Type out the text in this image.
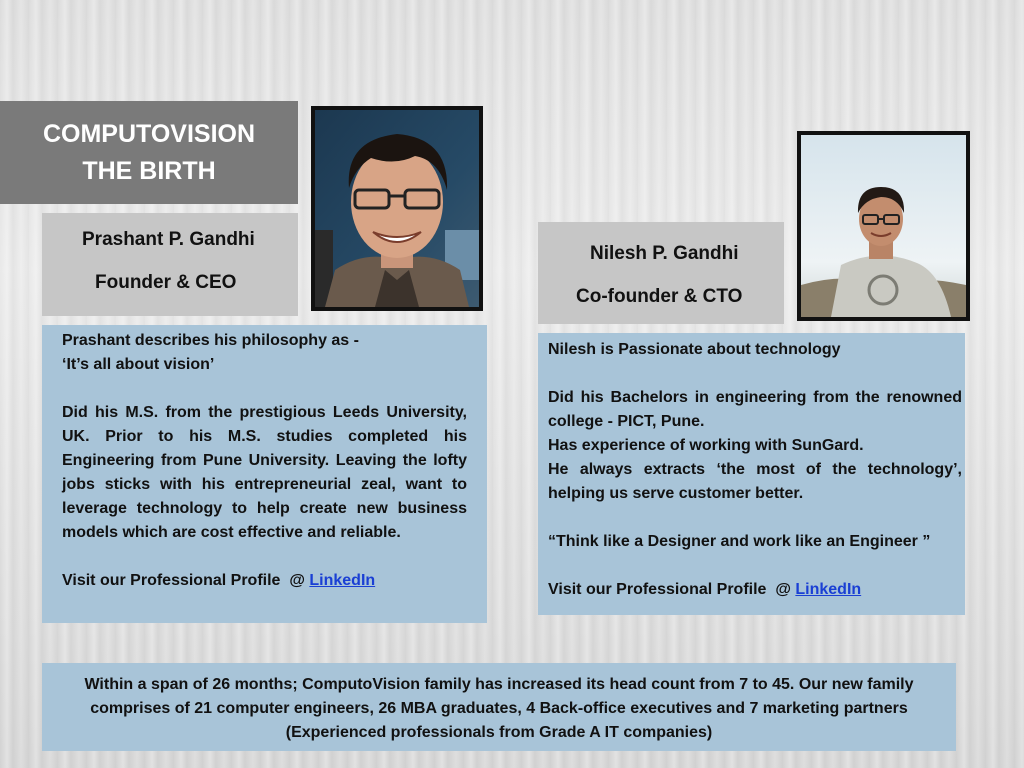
COMPUTOVISION
THE BIRTH
Prashant P. Gandhi
Founder & CEO

Prashant describes his philosophy as -

‘It’s all about vision’

Did his M.S. from the prestigious Leeds University, UK. Prior to his M.S. studies completed his Engineering from Pune University. Leaving the lofty jobs sticks with his entrepreneurial zeal, want to leverage technology to help create new business models which are cost effective and reliable.

Visit our Professional Profile  @ LinkedIn

Nilesh P. Gandhi
Co-founder & CTO

Nilesh is Passionate about technology

Did his Bachelors in engineering from the renowned college - PICT, Pune.

Has experience of working with SunGard.

He always extracts ‘the most of the technology’, helping us serve customer better.

“Think like a Designer and work like an Engineer ”

Visit our Professional Profile  @ LinkedIn

Within a span of 26 months; ComputoVision family has increased its head count from 7 to 45. Our new family comprises of 21 computer engineers, 26 MBA graduates, 4 Back-office executives and 7 marketing partners (Experienced professionals from Grade A IT companies)
